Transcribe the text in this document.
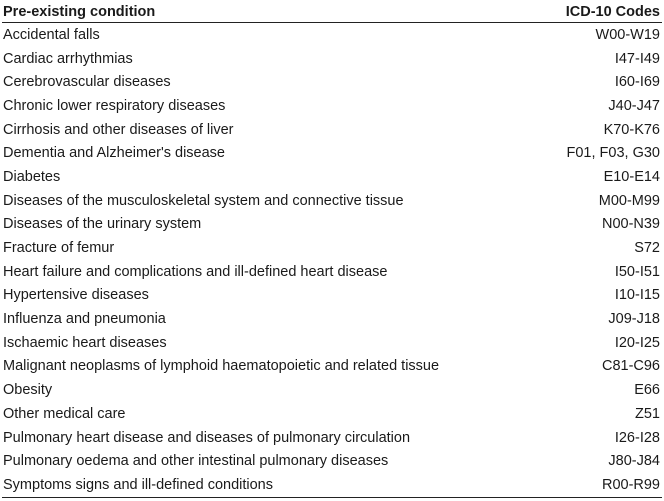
Pre-existing condition	ICD-10 Codes
Accidental falls	W00-W19
Cardiac arrhythmias	I47-I49
Cerebrovascular diseases	I60-I69
Chronic lower respiratory diseases	J40-J47
Cirrhosis and other diseases of liver	K70-K76
Dementia and Alzheimer's disease	F01, F03, G30
Diabetes	E10-E14
Diseases of the musculoskeletal system and connective tissue	M00-M99
Diseases of the urinary system	N00-N39
Fracture of femur	S72
Heart failure and complications and ill-defined heart disease	I50-I51
Hypertensive diseases	I10-I15
Influenza and pneumonia	J09-J18
Ischaemic heart diseases	I20-I25
Malignant neoplasms of lymphoid haematopoietic and related tissue	C81-C96
Obesity	E66
Other medical care	Z51
Pulmonary heart disease and diseases of pulmonary circulation	I26-I28
Pulmonary oedema and other intestinal pulmonary diseases	J80-J84
Symptoms signs and ill-defined conditions	R00-R99
